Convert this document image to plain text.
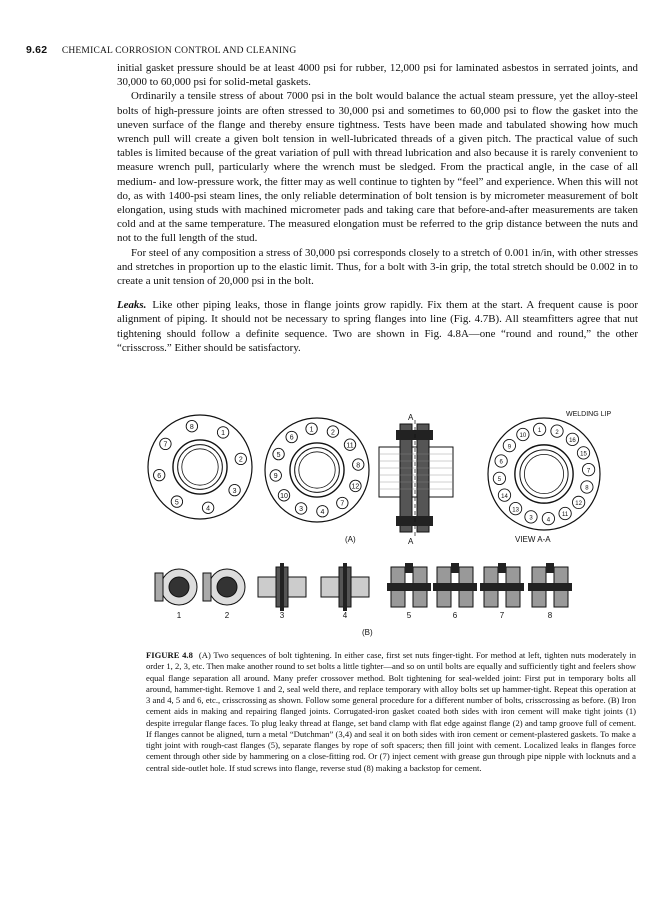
9.62 CHEMICAL CORROSION CONTROL AND CLEANING

initial gasket pressure should be at least 4000 psi for rubber, 12,000 psi for laminated asbestos in serrated joints, and 30,000 to 60,000 psi for solid-metal gaskets.

Ordinarily a tensile stress of about 7000 psi in the bolt would balance the actual steam pressure, yet the alloy-steel bolts of high-pressure joints are often stressed to 30,000 psi and sometimes to 60,000 psi to flow the gasket into the uneven surface of the flange and thereby ensure tightness. Tests have been made and tabulated showing how much wrench pull will create a given bolt tension in well-lubricated threads of a given pitch. The practical value of such tables is limited because of the great variation of pull with thread lubrication and also because it is rarely convenient to measure wrench pull, particularly where the wrench must be sledged. From the practical angle, in the case of all medium- and low-pressure work, the fitter may as well continue to tighten by “feel” and experience. When this will not do, as with 1400-psi steam lines, the only reliable determination of bolt tension is by micrometer measurement of bolt elongation, using studs with machined micrometer pads and taking care that before-and-after measurements are taken cold and at the same temperature. The measured elongation must be referred to the grip distance between the nuts and not to the full length of the stud.

For steel of any composition a stress of 30,000 psi corresponds closely to a stretch of 0.001 in/in, with other stresses and stretches in proportion up to the elastic limit. Thus, for a bolt with 3-in grip, the total stretch should be 0.002 in to create a unit tension of 20,000 psi in the bolt.

Leaks. Like other piping leaks, those in flange joints grow rapidly. Fix them at the start. A frequent cause is poor alignment of piping. It should not be necessary to spring flanges into line (Fig. 4.7B). All steamfitters agree that nut tightening should follow a definite sequence. Two are shown in Fig. 4.8A—one “round and round,” the other “crisscross.” Either should be satisfactory.

8
1
2
3
4
5
6
7
1 2
11
8
12
7
4
3
10
9
5
6
1 2
16
15
7
8
12
11
4
3
13
14
5
6
9
10
1	2	3	4	5	6	7	8
(A)
(B)
VIEW A-A
WELDING LIP
A
A
FIGURE 4.8 (A) Two sequences of bolt tightening. In either case, first set nuts finger-tight. For method at left, tighten nuts moderately in order 1, 2, 3, etc. Then make another round to set bolts a little tighter—and so on until bolts are equally and sufficiently tight and feelers show equal flange separation all around. Many prefer crossover method. Bolt tightening for seal-welded joint: First put in temporary bolts all around, hammer-tight. Remove 1 and 2, seal weld there, and replace temporary with alloy bolts set up hammer-tight. Repeat this operation at 3 and 4, 5 and 6, etc., crisscrossing as shown. Follow some general procedure for a different number of bolts, crisscrossing as before. (B) Iron cement aids in making and repairing flanged joints. Corrugated-iron gasket coated both sides with iron cement will make tight joints (1) despite irregular flange faces. To plug leaky thread at flange, set band clamp with flat edge against flange (2) and tamp groove full of cement. If flanges cannot be aligned, turn a metal “Dutchman” (3,4) and seal it on both sides with iron cement or cement-plastered gaskets. To make a tight joint with rough-cast flanges (5), separate flanges by rope of soft spacers; then fill joint with cement. Localized leaks in flanges force cement through other side by hammering on a close-fitting rod. Or (7) inject cement with grease gun through pipe nipple with locknuts and a central side-outlet hole. If stud screws into flange, reverse stud (8) making a backstop for cement.
